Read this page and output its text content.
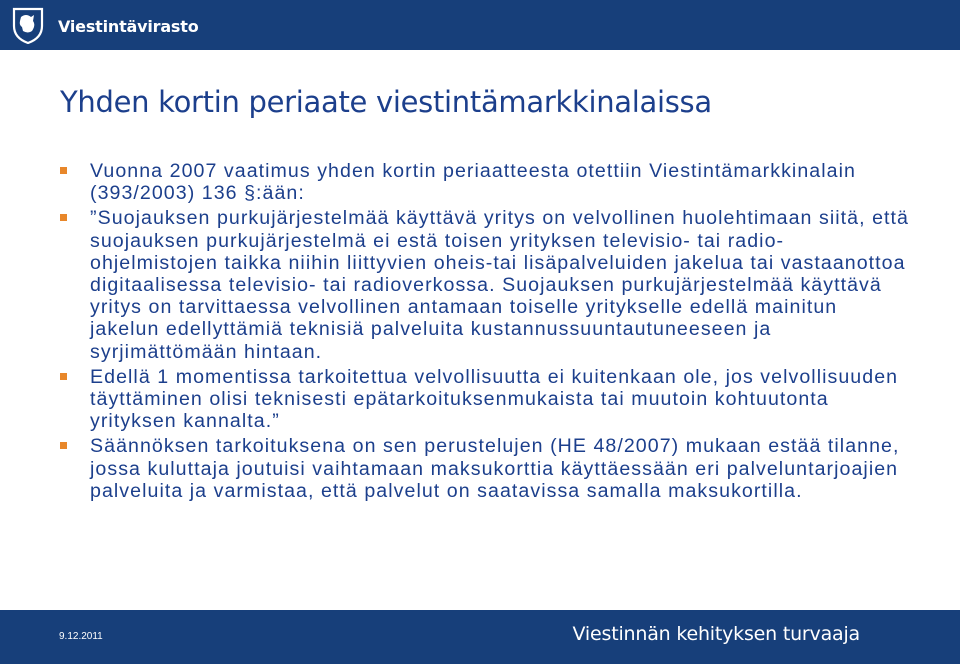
Viestintävirasto
Yhden kortin periaate viestintämarkkinalaissa
Vuonna 2007 vaatimus yhden kortin periaatteesta otettiin Viestintämarkkinalain (393/2003) 136 §:ään:
”Suojauksen purkujärjestelmää käyttävä yritys on velvollinen huolehtimaan siitä, että suojauksen purkujärjestelmä ei estä toisen yrityksen televisio- tai radio-ohjelmistojen taikka niihin liittyvien oheis-tai lisäpalveluiden jakelua tai vastaanottoa digitaalisessa televisio- tai radioverkossa. Suojauksen purkujärjestelmää käyttävä yritys on tarvittaessa velvollinen antamaan toiselle yritykselle edellä mainitun jakelun edellyttämiä teknisiä palveluita kustannussuuntautuneeseen ja syrjimättömään hintaan.
Edellä 1 momentissa tarkoitettua velvollisuutta ei kuitenkaan ole, jos velvollisuuden täyttäminen olisi teknisesti epätarkoituksenmukaista tai muutoin kohtuutonta yrityksen kannalta.”
Säännöksen tarkoituksena on sen perustelujen (HE 48/2007) mukaan estää tilanne, jossa kuluttaja joutuisi vaihtamaan maksukorttia käyttäessään eri palveluntarjoajien palveluita ja varmistaa, että palvelut on saatavissa samalla maksukortilla.
9.12.2011	Viestinnän kehityksen turvaaja
